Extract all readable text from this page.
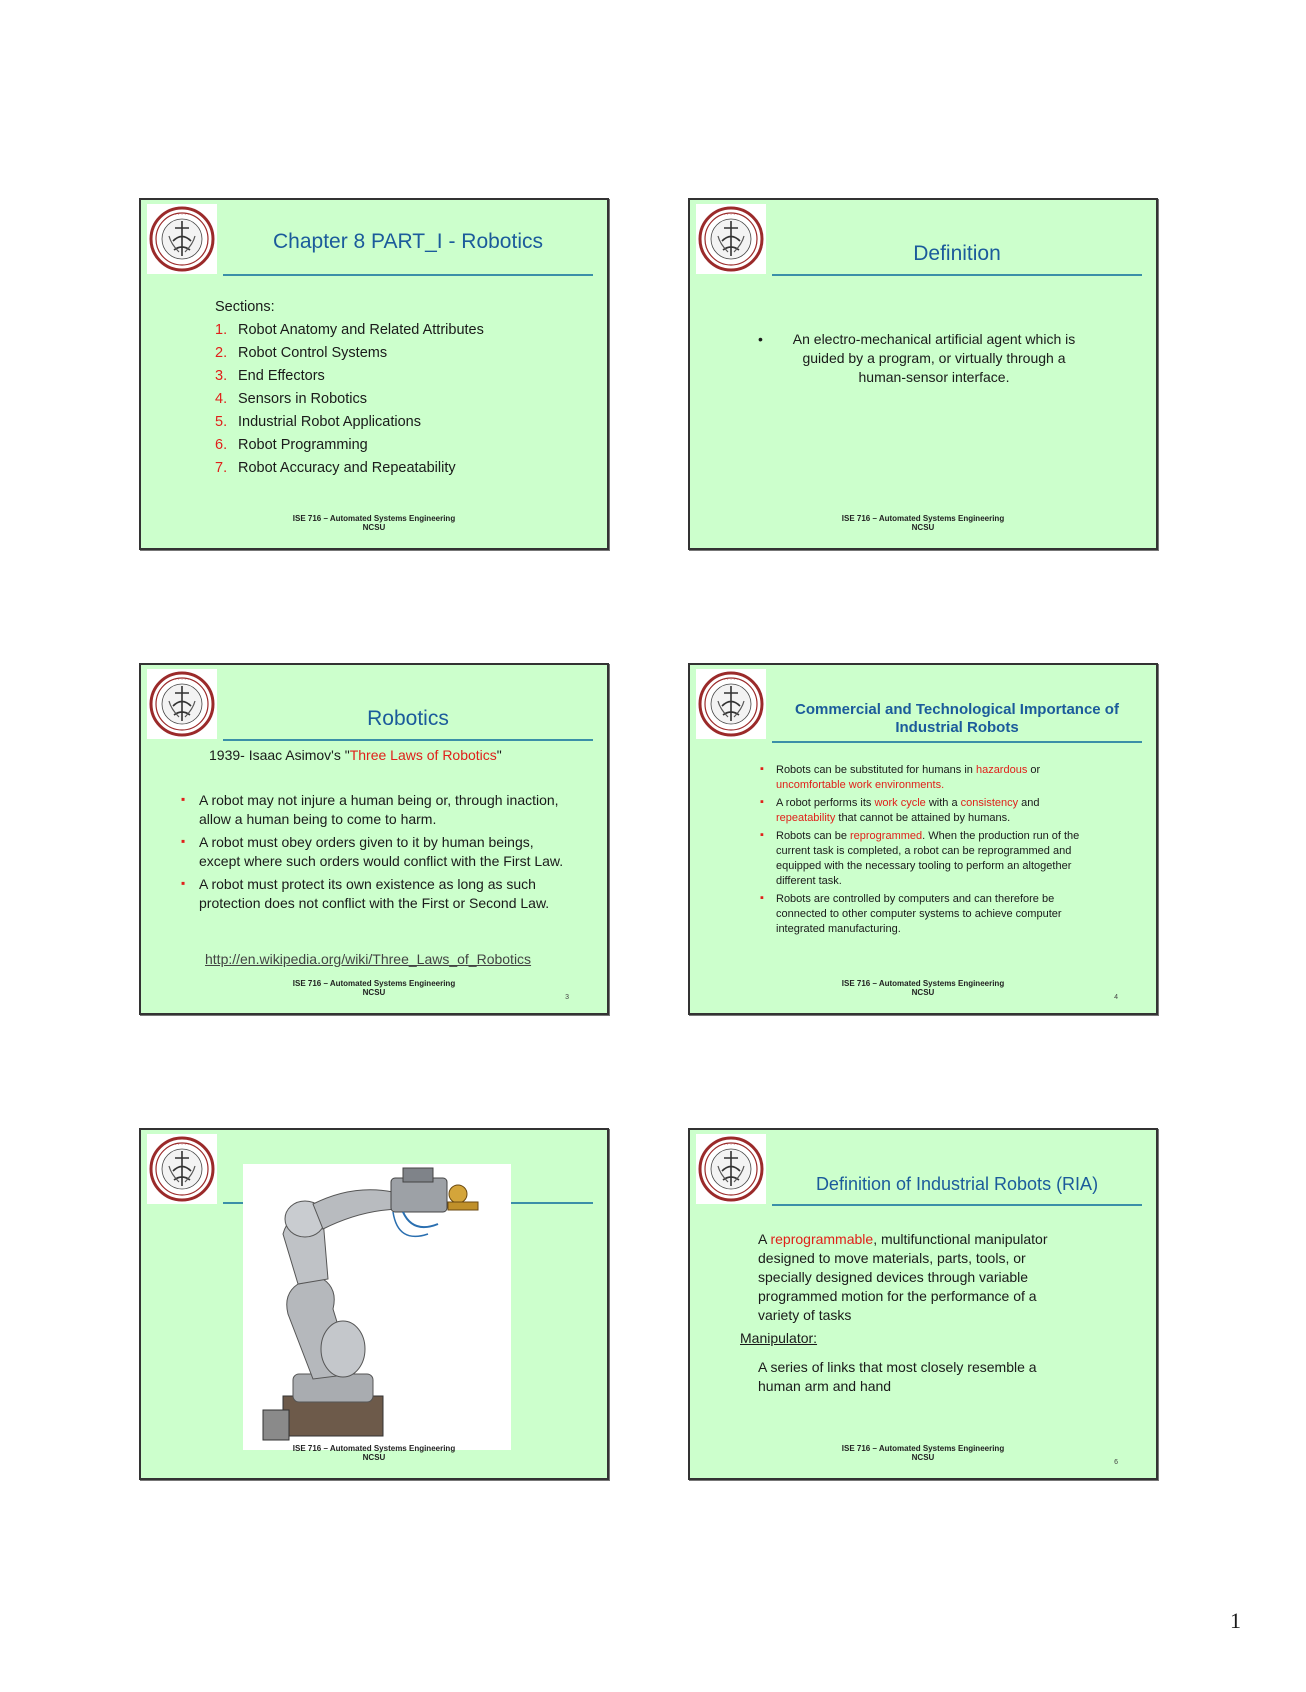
Chapter 8 PART_I - Robotics
Sections:
1. Robot Anatomy and Related Attributes
2. Robot Control Systems
3. End Effectors
4. Sensors in Robotics
5. Industrial Robot Applications
6. Robot Programming
7. Robot Accuracy and Repeatability
ISE 716 – Automated Systems Engineering
NCSU
Definition
•	An electro-mechanical artificial agent which is guided by a program, or virtually through a human-sensor interface.
ISE 716 – Automated Systems Engineering
NCSU
Robotics
1939- Isaac Asimov's "Three Laws of Robotics"
▪ A robot may not injure a human being or, through inaction, allow a human being to come to harm.
▪ A robot must obey orders given to it by human beings, except where such orders would conflict with the First Law.
▪ A robot must protect its own existence as long as such protection does not conflict with the First or Second Law.
http://en.wikipedia.org/wiki/Three_Laws_of_Robotics
ISE 716 – Automated Systems Engineering
NCSU
3
Commercial and Technological Importance of
Industrial Robots
▪ Robots can be substituted for humans in hazardous or uncomfortable work environments.
▪ A robot performs its work cycle with a consistency and repeatability that cannot be attained by humans.
▪ Robots can be reprogrammed. When the production run of the current task is completed, a robot can be reprogrammed and equipped with the necessary tooling to perform an altogether different task.
▪ Robots are controlled by computers and can therefore be connected to other computer systems to achieve computer integrated manufacturing.
ISE 716 – Automated Systems Engineering
NCSU
4
ISE 716 – Automated Systems Engineering
NCSU
Definition of Industrial Robots (RIA)

A reprogrammable, multifunctional manipulator designed to move materials, parts, tools, or specially designed devices through variable programmed motion for the performance of a variety of tasks

Manipulator:
A series of links that most closely resemble a human arm and hand
ISE 716 – Automated Systems Engineering
NCSU
6
1
